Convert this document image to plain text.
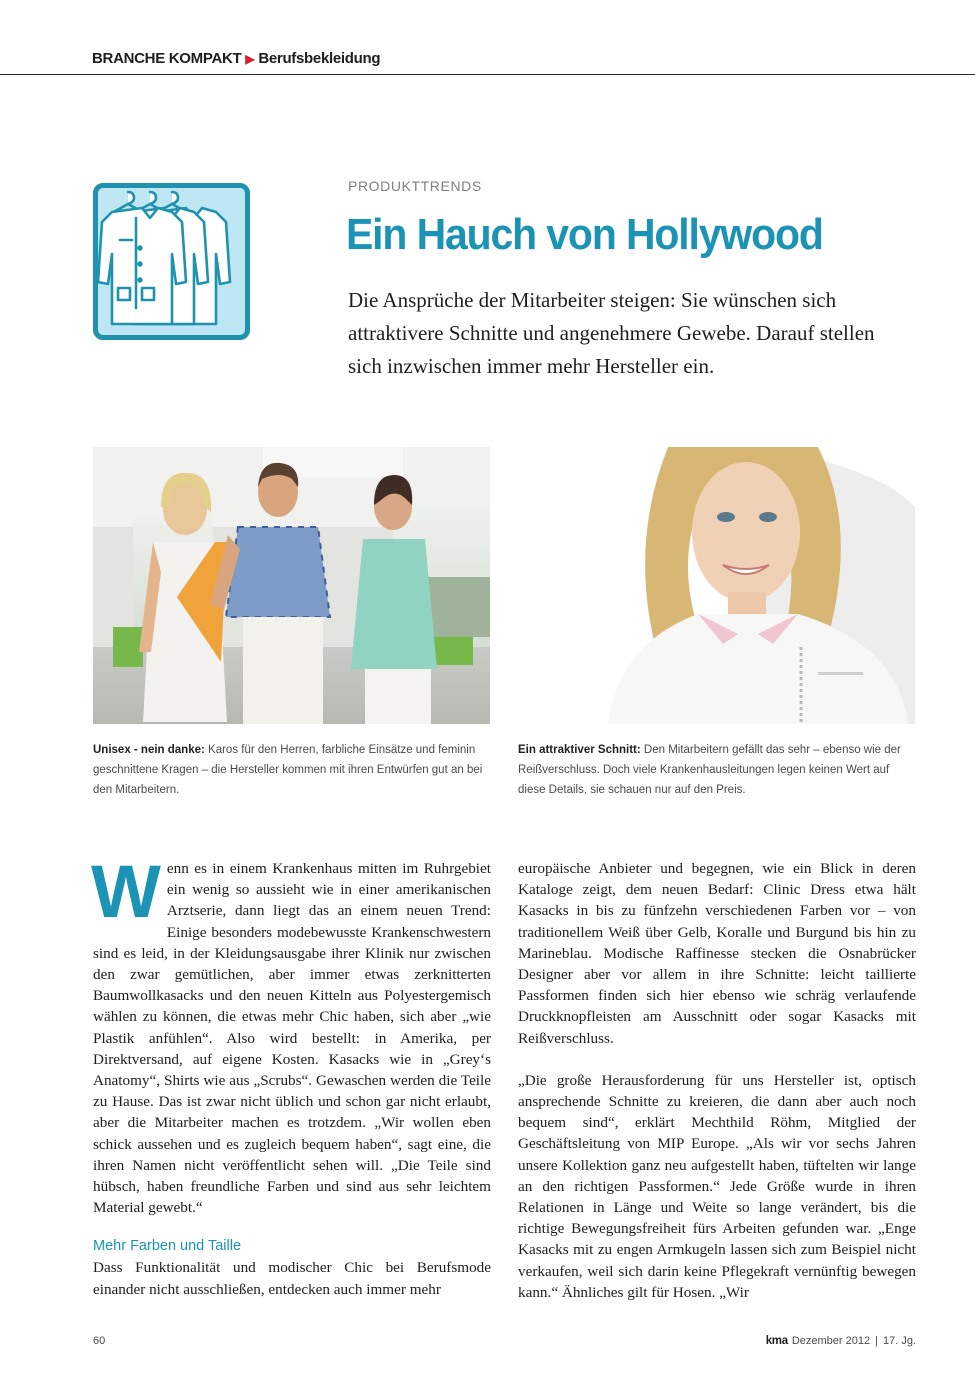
BRANCHE KOMPAKT ▶ Berufsbekleidung
PRODUKTTRENDS
Ein Hauch von Hollywood
Die Ansprüche der Mitarbeiter steigen: Sie wünschen sich attraktivere Schnitte und angenehmere Gewebe. Darauf stellen sich inzwischen immer mehr Hersteller ein.
Unisex - nein danke: Karos für den Herren, farbliche Einsätze und feminin geschnittene Kragen – die Hersteller kommen mit ihren Entwürfen gut an bei den Mitarbeitern.
Ein attraktiver Schnitt: Den Mitarbeitern gefällt das sehr – ebenso wie der Reißverschluss. Doch viele Krankenhausleitungen legen keinen Wert auf diese Details, sie schauen nur auf den Preis.
W enn es in einem Krankenhaus mitten im Ruhrgebiet ein wenig so aussieht wie in einer amerikanischen Arztserie, dann liegt das an einem neuen Trend: Einige besonders modebewusste Krankenschwestern sind es leid, in der Kleidungsausgabe ihrer Klinik nur zwischen den zwar gemütlichen, aber immer etwas zerknitterten Baumwollkasacks und den neuen Kitteln aus Polyestergemisch wählen zu können, die etwas mehr Chic haben, sich aber „wie Plastik anfühlen“. Also wird bestellt: in Amerika, per Direktversand, auf eigene Kosten. Kasacks wie in „Grey‘s Anatomy“, Shirts wie aus „Scrubs“. Gewaschen werden die Teile zu Hause. Das ist zwar nicht üblich und schon gar nicht erlaubt, aber die Mitarbeiter machen es trotzdem. „Wir wollen eben schick aussehen und es zugleich bequem haben“, sagt eine, die ihren Namen nicht veröffentlicht sehen will. „Die Teile sind hübsch, haben freundliche Farben und sind aus sehr leichtem Material gewebt.“

Mehr Farben und Taille

Dass Funktionalität und modischer Chic bei Berufsmode einander nicht ausschließen, entdecken auch immer mehr

europäische Anbieter und begegnen, wie ein Blick in deren Kataloge zeigt, dem neuen Bedarf: Clinic Dress etwa hält Kasacks in bis zu fünfzehn verschiedenen Farben vor – von traditionellem Weiß über Gelb, Koralle und Burgund bis hin zu Marineblau. Modische Raffinesse stecken die Osnabrücker Designer aber vor allem in ihre Schnitte: leicht taillierte Passformen finden sich hier ebenso wie schräg verlaufende Druckknopfleisten am Ausschnitt oder sogar Kasacks mit Reißverschluss.

„Die große Herausforderung für uns Hersteller ist, optisch ansprechende Schnitte zu kreieren, die dann aber auch noch bequem sind“, erklärt Mechthild Röhm, Mitglied der Geschäftsleitung von MIP Europe. „Als wir vor sechs Jahren unsere Kollektion ganz neu aufgestellt haben, tüftelten wir lange an den richtigen Passformen.“ Jede Größe wurde in ihren Relationen in Länge und Weite so lange verändert, bis die richtige Bewegungsfreiheit fürs Arbeiten gefunden war. „Enge Kasacks mit zu engen Armkugeln lassen sich zum Beispiel nicht verkaufen, weil sich darin keine Pflegekraft vernünftig bewegen kann.“ Ähnliches gilt für Hosen. „Wir

60	kma Dezember 2012 | 17. Jg.
